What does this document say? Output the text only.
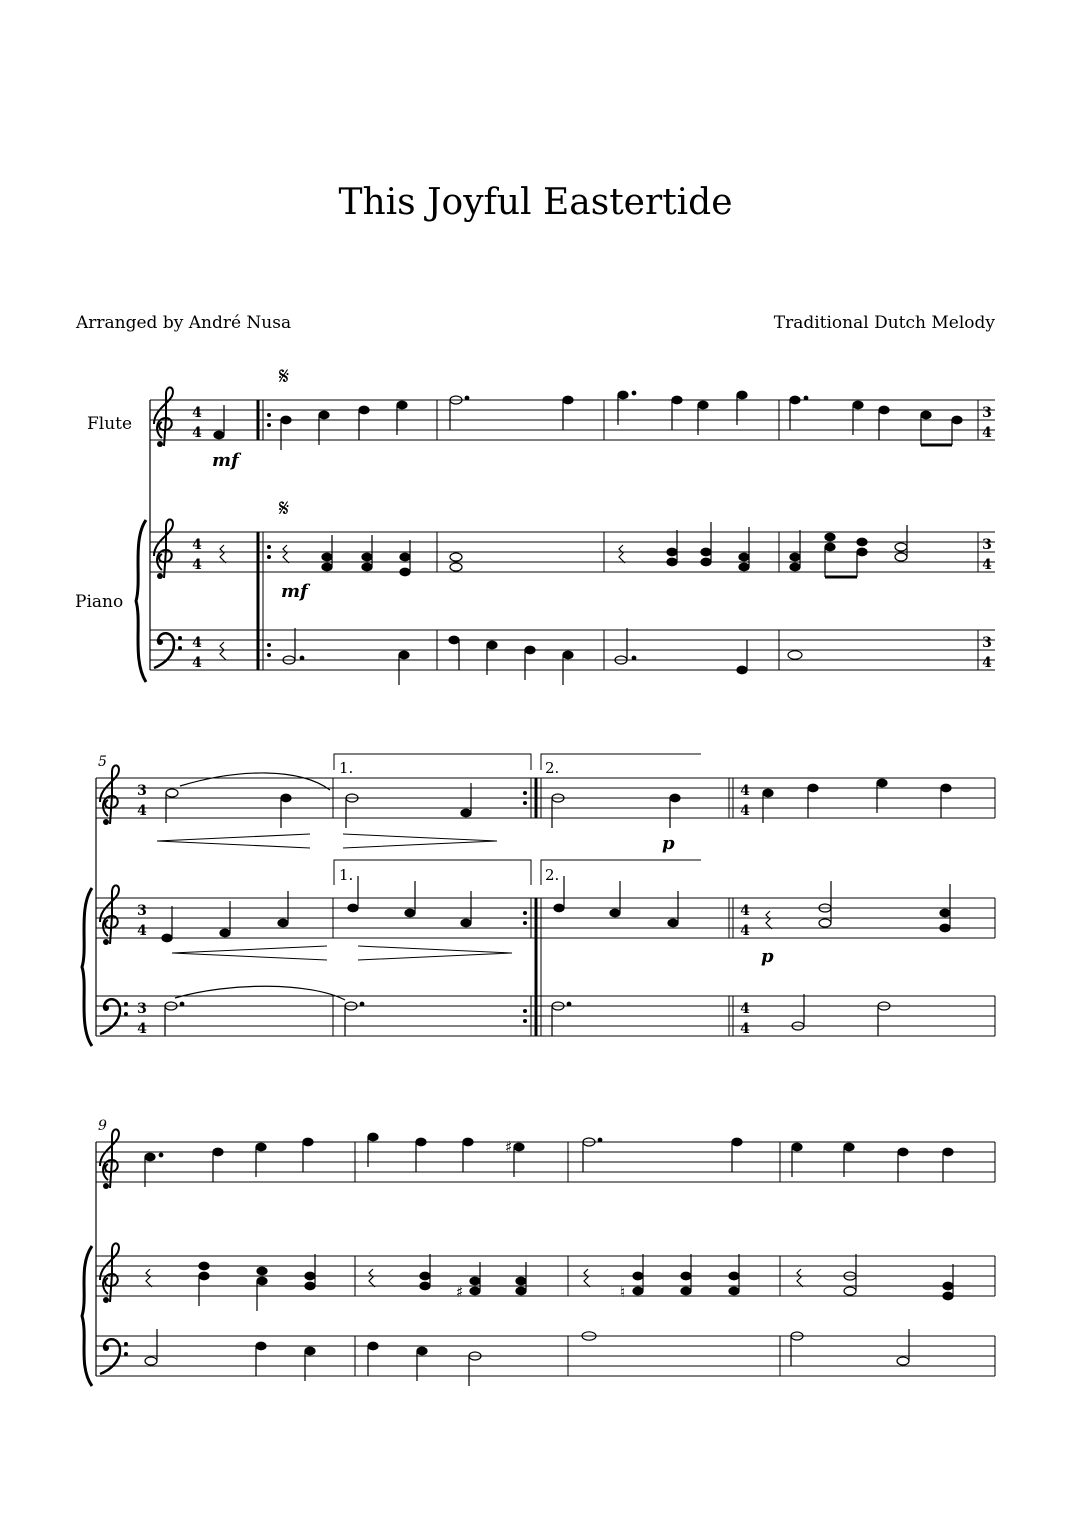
This Joyful Eastertide
Arranged by André Nusa	Traditional Dutch Melody
Flute
Piano
4
4
4
4
4
4
3
4
3
4
3
4
𝄋
𝄋
mf
mf
5
3
4
3
4
3
4
4
4
4
4
4
4
1.	2.
1.	2.
p
p
9
♯
♯	♮
